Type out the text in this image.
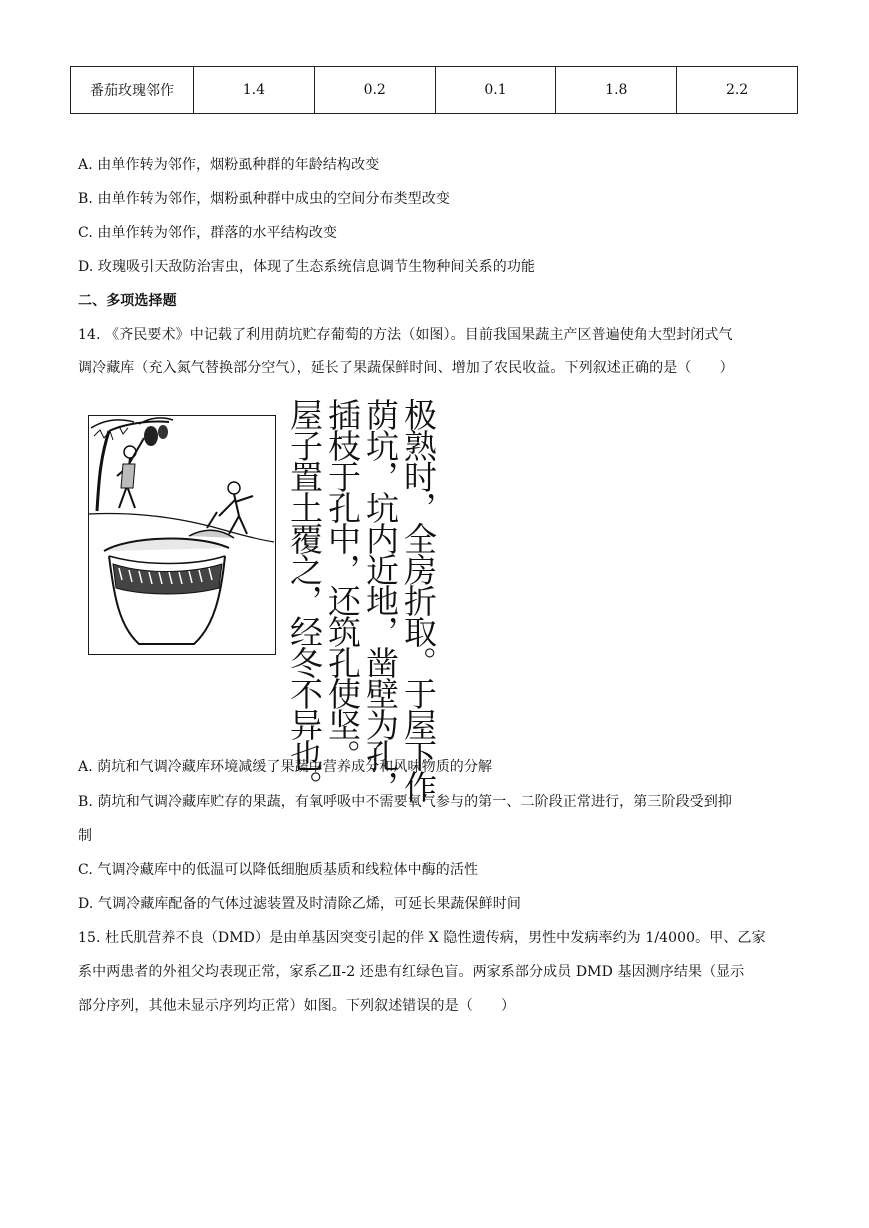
番茄玫瑰邻作	1.4	0.2	0.1	1.8	2.2
A. 由单作转为邻作，烟粉虱种群的年龄结构改变
B. 由单作转为邻作，烟粉虱种群中成虫的空间分布类型改变
C. 由单作转为邻作，群落的水平结构改变
D. 玫瑰吸引天敌防治害虫，体现了生态系统信息调节生物种间关系的功能
二、多项选择题
14. 《齐民要术》中记载了利用荫坑贮存葡萄的方法（如图）。目前我国果蔬主产区普遍使角大型封闭式气
调冷藏库（充入氮气替换部分空气），延长了果蔬保鲜时间、增加了农民收益。下列叙述正确的是（　　）
极熟时，全房折取。于屋下作
荫坑，坑内近地，凿壁为孔，
插枝于孔中，还筑孔使坚。
屋子置土覆之，经冬不异也。
A. 荫坑和气调冷藏库环境减缓了果蔬中营养成分和风味物质的分解
B. 荫坑和气调冷藏库贮存的果蔬，有氧呼吸中不需要氧气参与的第一、二阶段正常进行，第三阶段受到抑
制
C. 气调冷藏库中的低温可以降低细胞质基质和线粒体中酶的活性
D. 气调冷藏库配备的气体过滤装置及时清除乙烯，可延长果蔬保鲜时间
15. 杜氏肌营养不良（DMD）是由单基因突变引起的伴 X 隐性遗传病，男性中发病率约为 1/4000。甲、乙家
系中两患者的外祖父均表现正常，家系乙Ⅱ-2 还患有红绿色盲。两家系部分成员 DMD 基因测序结果（显示
部分序列，其他未显示序列均正常）如图。下列叙述错误的是（　　）
